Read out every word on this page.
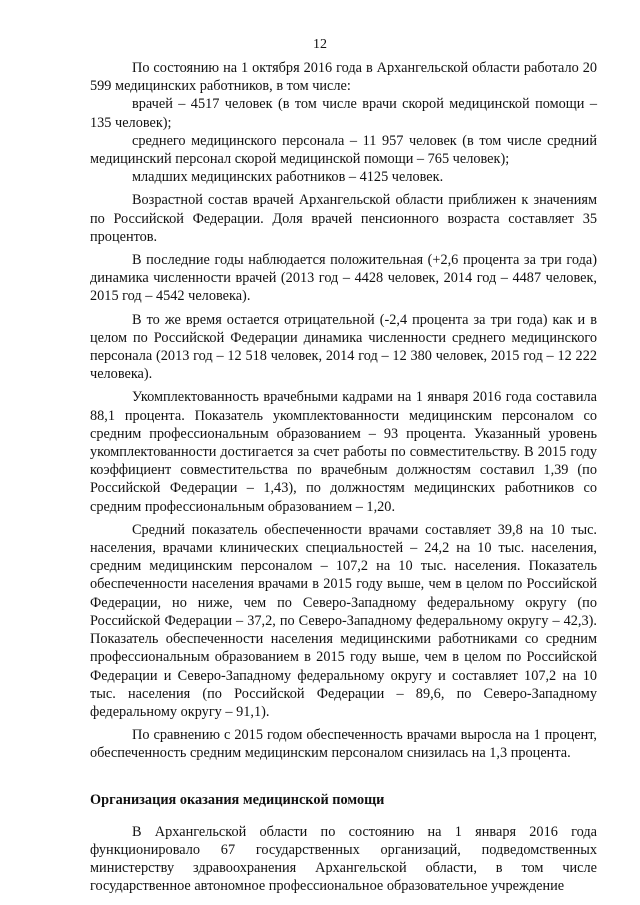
12

По состоянию на 1 октября 2016 года в Архангельской области работало 20 599 медицинских работников, в том числе:

врачей – 4517 человек (в том числе врачи скорой медицинской помощи – 135 человек);

среднего медицинского персонала – 11 957 человек (в том числе средний медицинский персонал скорой медицинской помощи – 765 человек);

младших медицинских работников – 4125 человек.

Возрастной состав врачей Архангельской области приближен к значениям по Российской Федерации. Доля врачей пенсионного возраста составляет 35 процентов.

В последние годы наблюдается положительная (+2,6 процента за три года) динамика численности врачей (2013 год – 4428 человек, 2014 год – 4487 человек, 2015 год – 4542 человека).

В то же время остается отрицательной (-2,4 процента за три года) как и в целом по Российской Федерации динамика численности среднего медицинского персонала (2013 год – 12 518 человек, 2014 год – 12 380 человек, 2015 год – 12 222 человека).

Укомплектованность врачебными кадрами на 1 января 2016 года составила 88,1 процента. Показатель укомплектованности медицинским персоналом со средним профессиональным образованием – 93 процента. Указанный уровень укомплектованности достигается за счет работы по совместительству. В 2015 году коэффициент совместительства по врачебным должностям составил 1,39 (по Российской Федерации – 1,43), по должностям медицинских работников со средним профессиональным образованием – 1,20.

Средний показатель обеспеченности врачами составляет 39,8 на 10 тыс. населения, врачами клинических специальностей – 24,2 на 10 тыс. населения, средним медицинским персоналом – 107,2 на 10 тыс. населения. Показатель обеспеченности населения врачами в 2015 году выше, чем в целом по Российской Федерации, но ниже, чем по Северо-Западному федеральному округу (по Российской Федерации – 37,2, по Северо-Западному федеральному округу – 42,3). Показатель обеспеченности населения медицинскими работниками со средним профессиональным образованием в 2015 году выше, чем в целом по Российской Федерации и Северо-Западному федеральному округу и составляет 107,2 на 10 тыс. населения (по Российской Федерации – 89,6, по Северо-Западному федеральному округу – 91,1).

По сравнению с 2015 годом обеспеченность врачами выросла на 1 процент, обеспеченность средним медицинским персоналом снизилась на 1,3 процента.

Организация оказания медицинской помощи

В Архангельской области по состоянию на 1 января 2016 года функционировало 67 государственных организаций, подведомственных министерству здравоохранения Архангельской области, в том числе государственное автономное профессиональное образовательное учреждение
